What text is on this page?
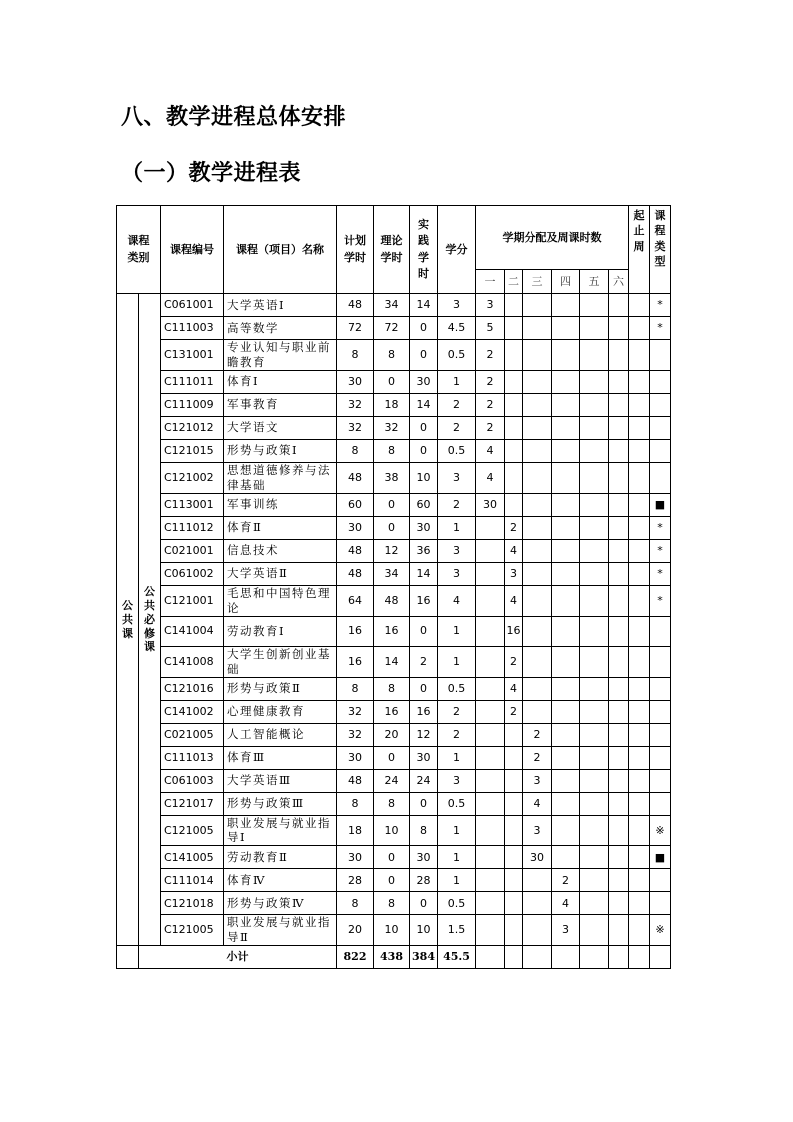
八、教学进程总体安排
（一）教学进程表
课程类别		课程编号	课程（项目）名称	计划学时	理论学时	实践学时	学分	学期分配及周课时数						起止周	课程类型
								一	二	三	四	五	六		
公共课	公共必修课	C061001	大学英语Ⅰ	48	34	14	3	3							*
		C111003	高等数学	72	72	0	4.5	5							*
		C131001	专业认知与职业前瞻教育	8	8	0	0.5	2							
		C111011	体育Ⅰ	30	0	30	1	2							
		C111009	军事教育	32	18	14	2	2							
		C121012	大学语文	32	32	0	2	2							
		C121015	形势与政策Ⅰ	8	8	0	0.5	4							
		C121002	思想道德修养与法律基础	48	38	10	3	4							
		C113001	军事训练	60	0	60	2	30							■
		C111012	体育Ⅱ	30	0	30	1		2						*
		C021001	信息技术	48	12	36	3		4						*
		C061002	大学英语Ⅱ	48	34	14	3		3						*
		C121001	毛思和中国特色理论	64	48	16	4		4						*
		C141004	劳动教育Ⅰ	16	16	0	1		16						
		C141008	大学生创新创业基础	16	14	2	1		2						
		C121016	形势与政策Ⅱ	8	8	0	0.5		4						
		C141002	心理健康教育	32	16	16	2		2						
		C021005	人工智能概论	32	20	12	2			2					
		C111013	体育Ⅲ	30	0	30	1			2					
		C061003	大学英语Ⅲ	48	24	24	3			3					
		C121017	形势与政策Ⅲ	8	8	0	0.5			4					
		C121005	职业发展与就业指导Ⅰ	18	10	8	1			3					※
		C141005	劳动教育Ⅱ	30	0	30	1			30					■
		C111014	体育Ⅳ	28	0	28	1				2				
		C121018	形势与政策Ⅳ	8	8	0	0.5				4				
		C121005	职业发展与就业指导Ⅱ	20	10	10	1.5				3				※
	小计			822	438	384	45.5								
